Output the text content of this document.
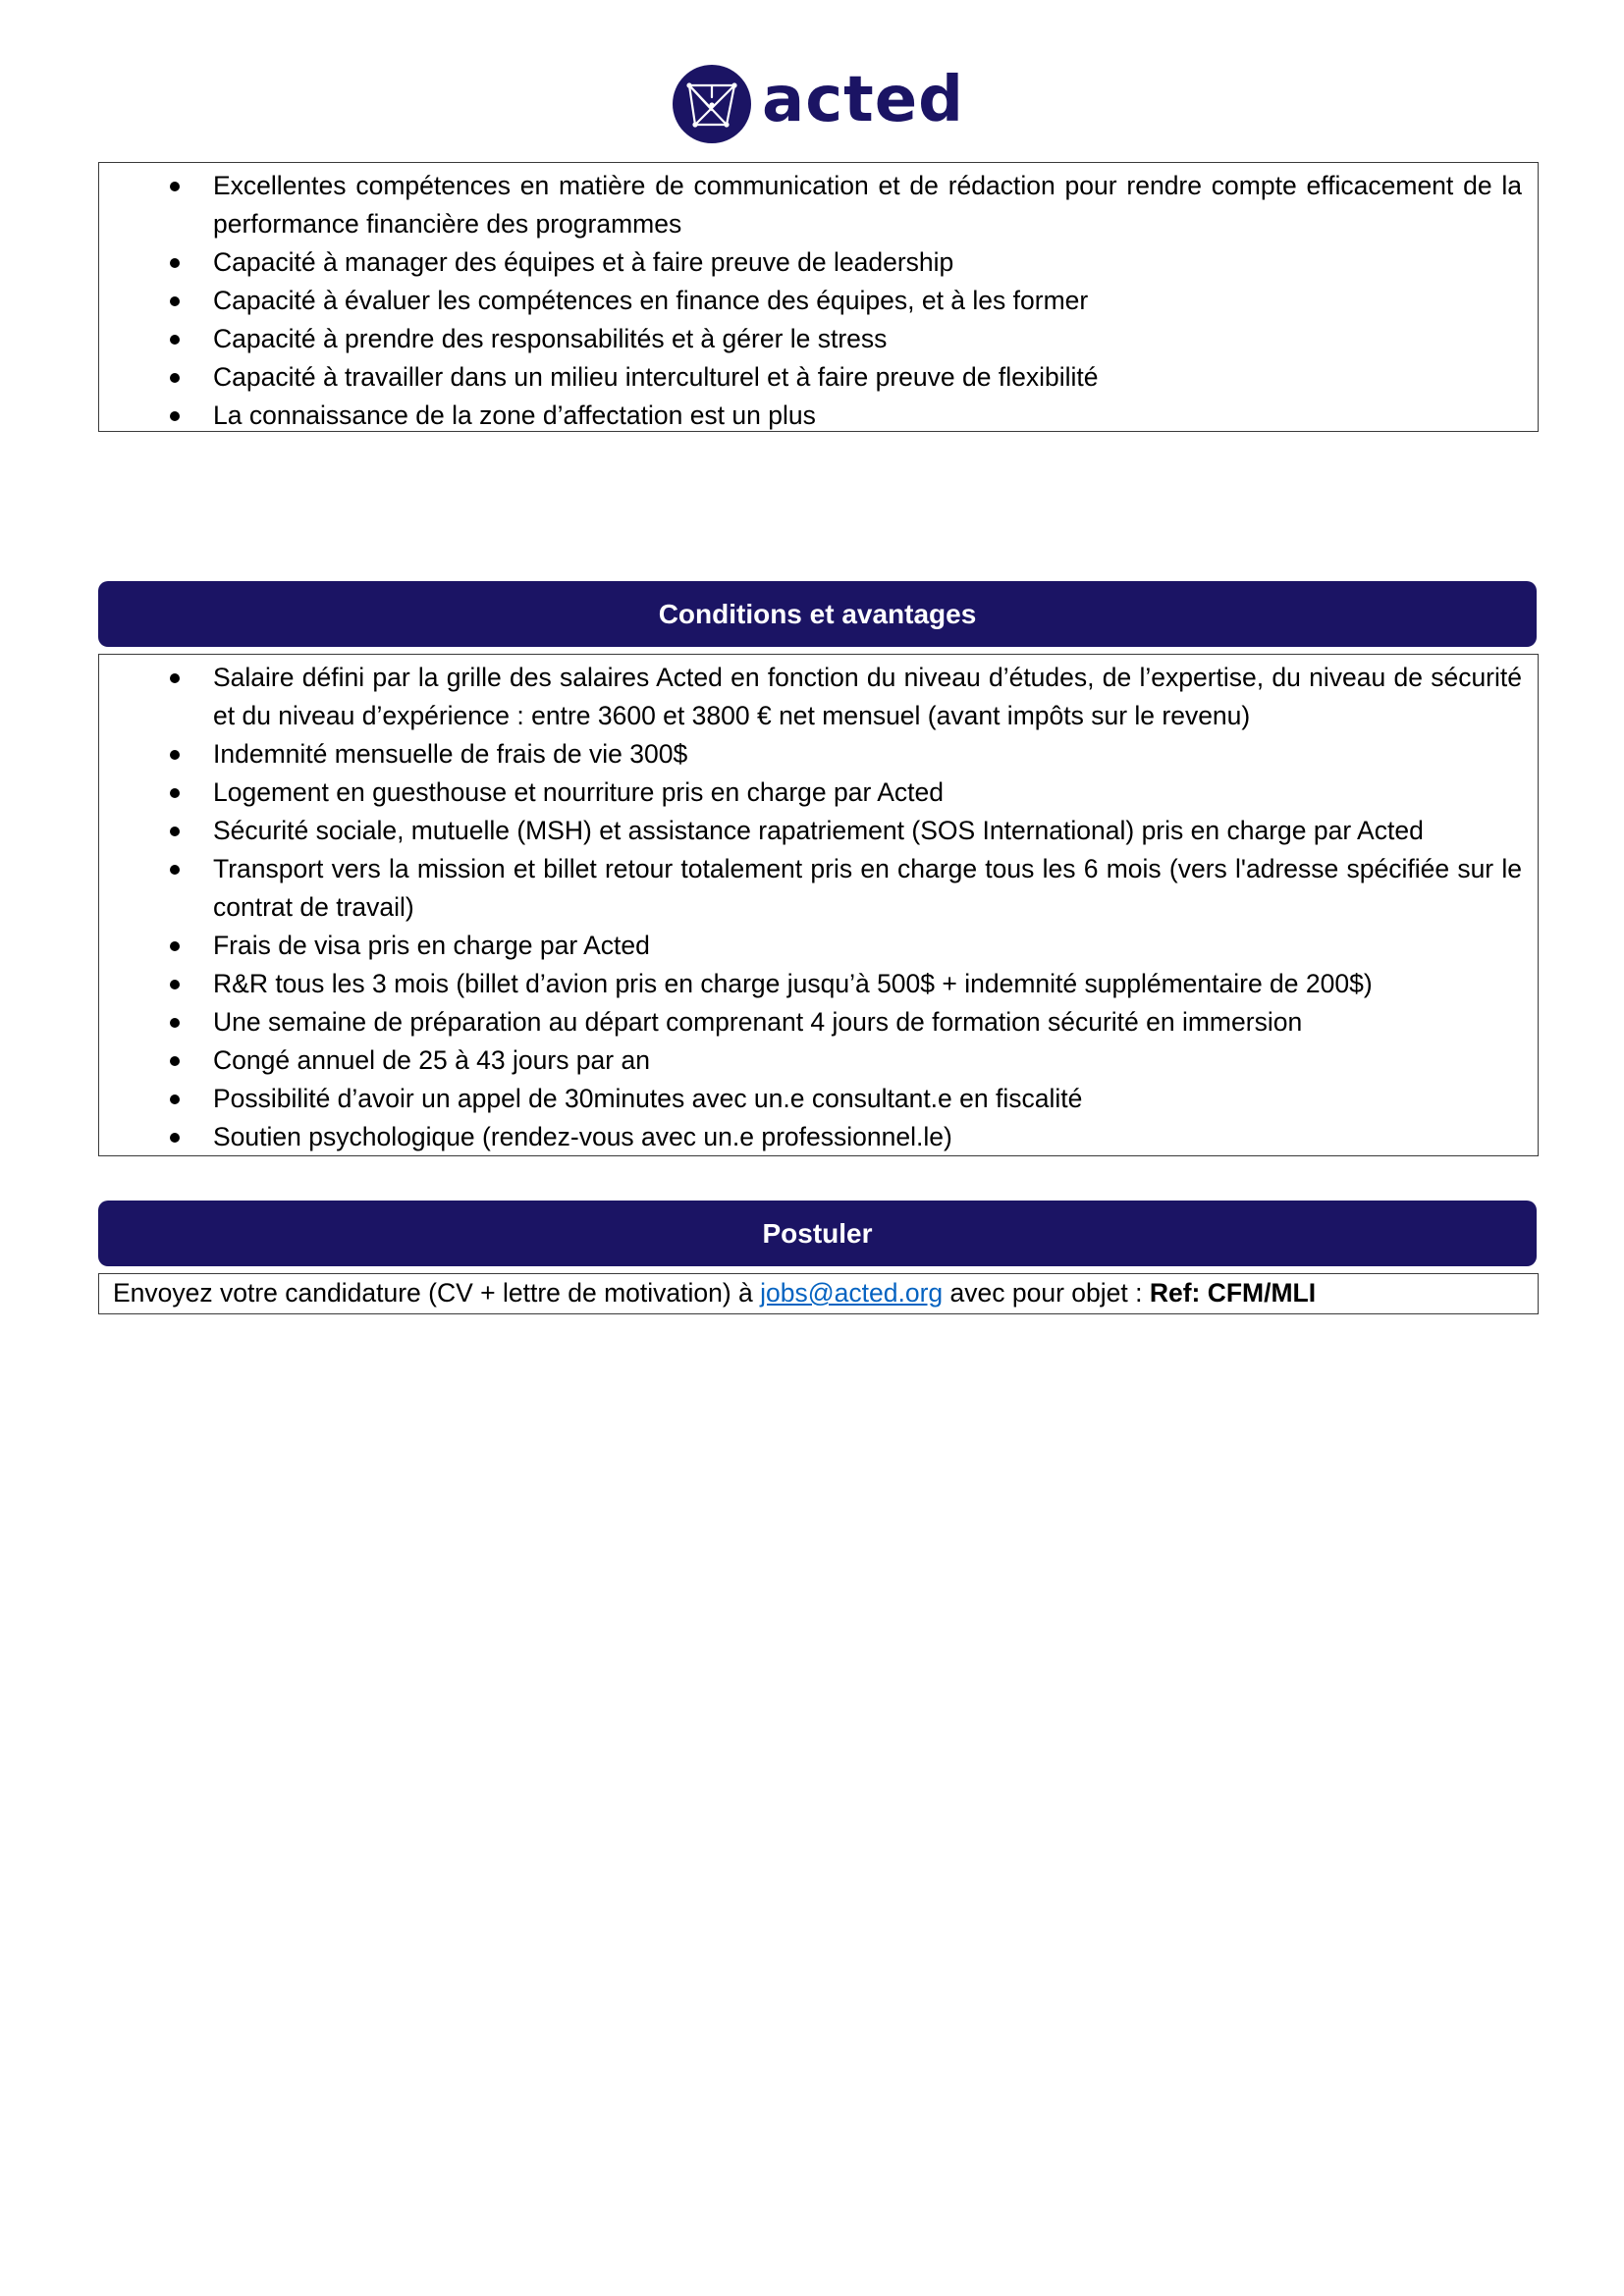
acted
Excellentes compétences en matière de communication et de rédaction pour rendre compte efficacement de la performance financière des programmes
Capacité à manager des équipes et à faire preuve de leadership
Capacité à évaluer les compétences en finance des équipes, et à les former
Capacité à prendre des responsabilités et à gérer le stress
Capacité à travailler dans un milieu interculturel et à faire preuve de flexibilité
La connaissance de la zone d’affectation est un plus
Conditions et avantages
Salaire défini par la grille des salaires Acted en fonction du niveau d’études, de l’expertise, du niveau de sécurité et du niveau d’expérience : entre 3600 et 3800 € net mensuel (avant impôts sur le revenu)
Indemnité mensuelle de frais de vie 300$
Logement en guesthouse et nourriture pris en charge par Acted
Sécurité sociale, mutuelle (MSH) et assistance rapatriement (SOS International) pris en charge par Acted
Transport vers la mission et billet retour totalement pris en charge tous les 6 mois (vers l'adresse spécifiée sur le contrat de travail)
Frais de visa pris en charge par Acted
R&R tous les 3 mois (billet d’avion pris en charge jusqu’à 500$ + indemnité supplémentaire de 200$)
Une semaine de préparation au départ comprenant 4 jours de formation sécurité en immersion
Congé annuel de 25 à 43 jours par an
Possibilité d’avoir un appel de 30minutes avec un.e consultant.e en fiscalité
Soutien psychologique (rendez-vous avec un.e professionnel.le)
Postuler
Envoyez votre candidature (CV + lettre de motivation) à jobs@acted.org avec pour objet : Ref: CFM/MLI
